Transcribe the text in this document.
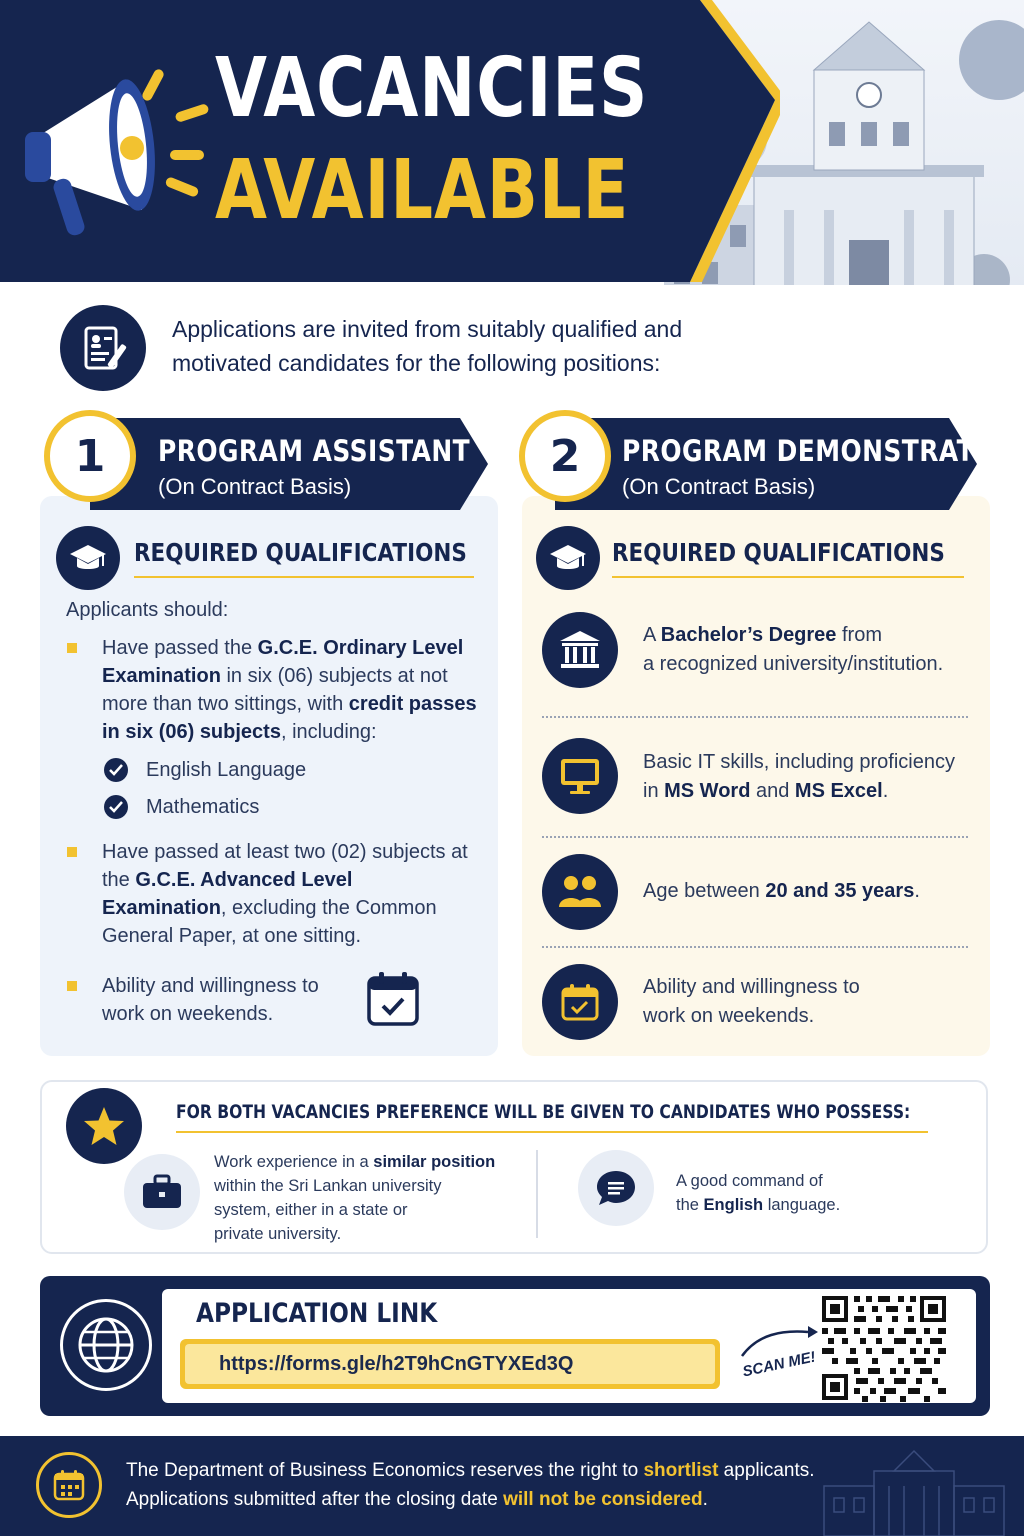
VACANCIES
AVAILABLE
Applications are invited from suitably qualified and
motivated candidates for the following positions:
1	2
PROGRAM ASSISTANT
(On Contract Basis)
PROGRAM DEMONSTRATOR
(On Contract Basis)
REQUIRED QUALIFICATIONS
Applicants should:
Have passed the G.C.E. Ordinary Level Examination in six (06) subjects at not more than two sittings, with credit passes in six (06) subjects, including:
English Language
Mathematics
Have passed at least two (02) subjects at the G.C.E. Advanced Level Examination, excluding the Common General Paper, at one sitting.
Ability and willingness to
work on weekends.
REQUIRED QUALIFICATIONS
A Bachelor’s Degree from
a recognized university/institution.
Basic IT skills, including proficiency
in MS Word and MS Excel.
Age between 20 and 35 years.
Ability and willingness to
work on weekends.
FOR BOTH VACANCIES PREFERENCE WILL BE GIVEN TO CANDIDATES WHO POSSESS:
Work experience in a similar position
within the Sri Lankan university
system, either in a state or
private university.
A good command of
the English language.
APPLICATION LINK
https://forms.gle/h2T9hCnGTYXEd3Q	SCAN ME!
The Department of Business Economics reserves the right to shortlist applicants.
Applications submitted after the closing date will not be considered.
